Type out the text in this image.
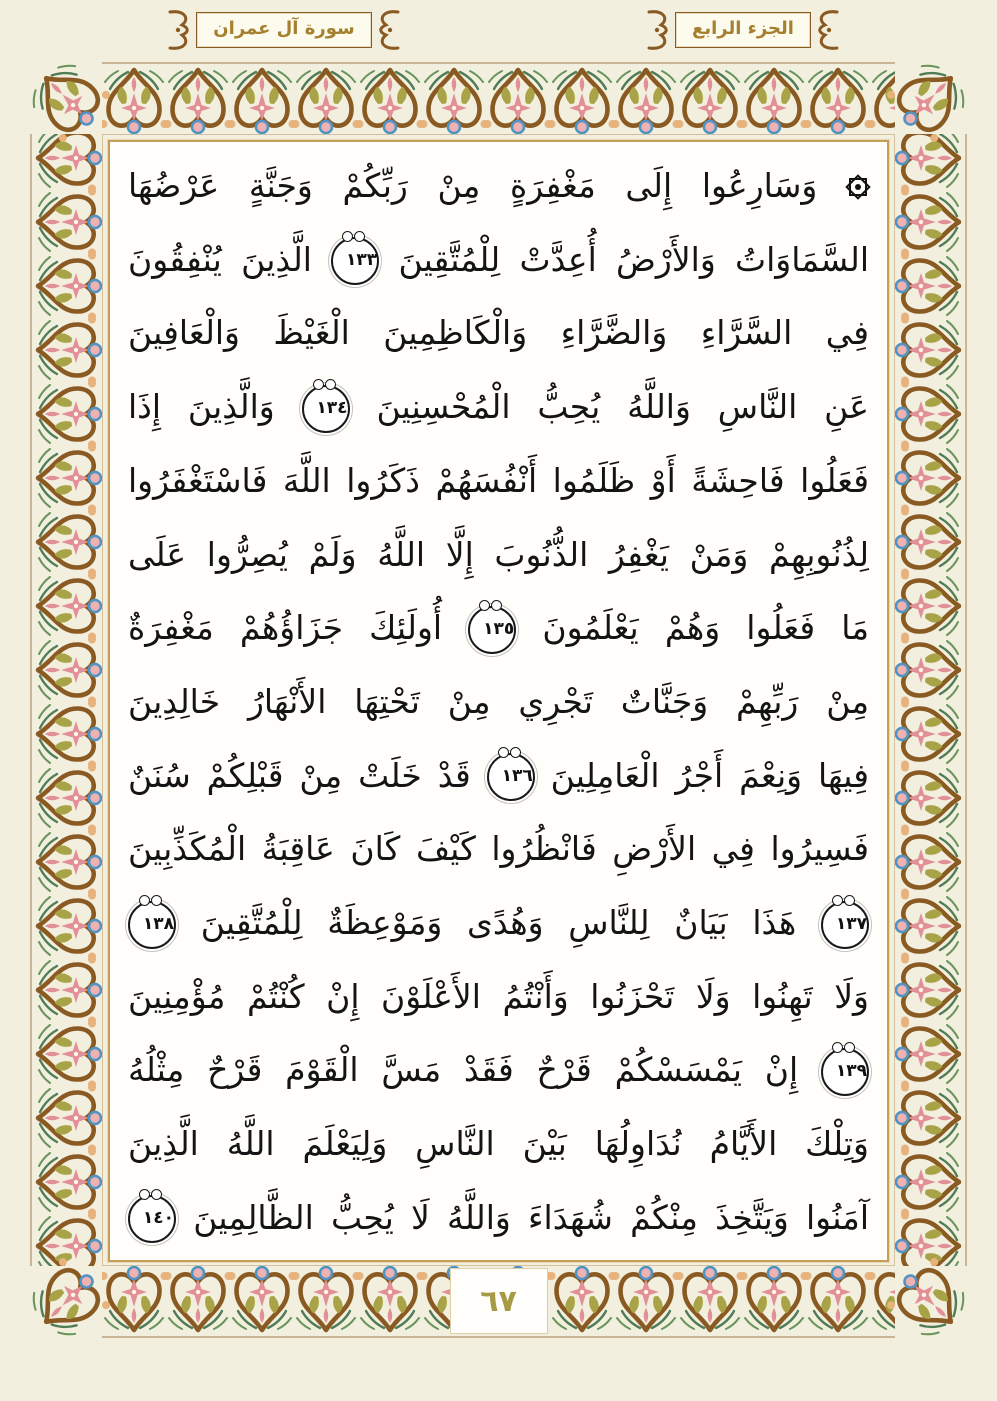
سورة آل عمران	الجزء الرابع
وَسَارِعُوا إِلَى مَغْفِرَةٍ مِنْ رَبِّكُمْ وَجَنَّةٍ عَرْضُهَا
السَّمَاوَاتُ وَالأَرْضُ أُعِدَّتْ لِلْمُتَّقِينَ ١٣٣ الَّذِينَ يُنْفِقُونَ
فِي السَّرَّاءِ وَالضَّرَّاءِ وَالْكَاظِمِينَ الْغَيْظَ وَالْعَافِينَ
عَنِ النَّاسِ وَاللَّهُ يُحِبُّ الْمُحْسِنِينَ ١٣٤ وَالَّذِينَ إِذَا
فَعَلُوا فَاحِشَةً أَوْ ظَلَمُوا أَنْفُسَهُمْ ذَكَرُوا اللَّهَ فَاسْتَغْفَرُوا
لِذُنُوبِهِمْ وَمَنْ يَغْفِرُ الذُّنُوبَ إِلَّا اللَّهُ وَلَمْ يُصِرُّوا عَلَى
مَا فَعَلُوا وَهُمْ يَعْلَمُونَ ١٣٥ أُولَئِكَ جَزَاؤُهُمْ مَغْفِرَةٌ
مِنْ رَبِّهِمْ وَجَنَّاتٌ تَجْرِي مِنْ تَحْتِهَا الأَنْهَارُ خَالِدِينَ
فِيهَا وَنِعْمَ أَجْرُ الْعَامِلِينَ ١٣٦ قَدْ خَلَتْ مِنْ قَبْلِكُمْ سُنَنٌ
فَسِيرُوا فِي الأَرْضِ فَانْظُرُوا كَيْفَ كَانَ عَاقِبَةُ الْمُكَذِّبِينَ
١٣٧ هَذَا بَيَانٌ لِلنَّاسِ وَهُدًى وَمَوْعِظَةٌ لِلْمُتَّقِينَ ١٣٨
وَلَا تَهِنُوا وَلَا تَحْزَنُوا وَأَنْتُمُ الأَعْلَوْنَ إِنْ كُنْتُمْ مُؤْمِنِينَ
١٣٩ إِنْ يَمْسَسْكُمْ قَرْحٌ فَقَدْ مَسَّ الْقَوْمَ قَرْحٌ مِثْلُهُ
وَتِلْكَ الأَيَّامُ نُدَاوِلُهَا بَيْنَ النَّاسِ وَلِيَعْلَمَ اللَّهُ الَّذِينَ
آمَنُوا وَيَتَّخِذَ مِنْكُمْ شُهَدَاءَ وَاللَّهُ لَا يُحِبُّ الظَّالِمِينَ ١٤٠
٦٧
